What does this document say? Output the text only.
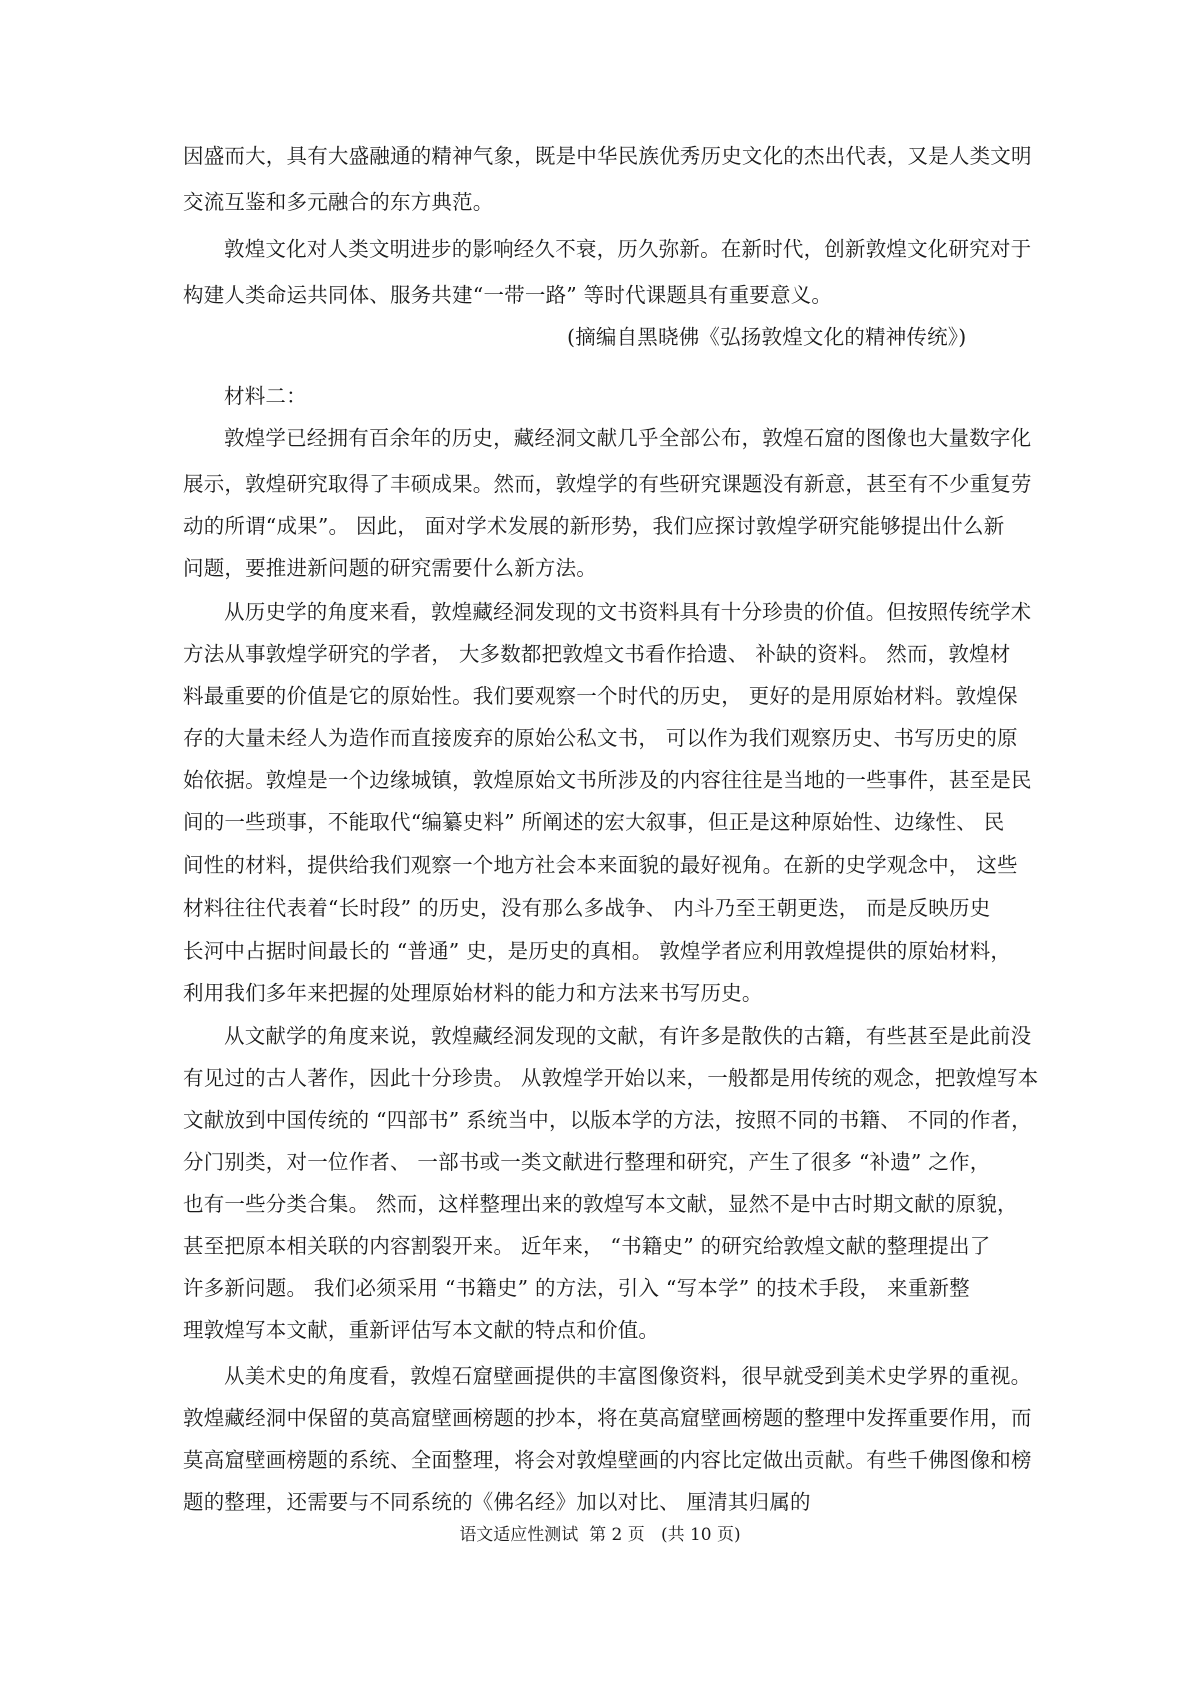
因盛而大，具有大盛融通的精神气象，既是中华民族优秀历史文化的杰出代表，又是人类文明
交流互鉴和多元融合的东方典范。
敦煌文化对人类文明进步的影响经久不衰，历久弥新。在新时代，创新敦煌文化研究对于
构建人类命运共同体、服务共建“一带一路” 等时代课题具有重要意义。
(摘编自黑晓佛《弘扬敦煌文化的精神传统》)
材料二：
敦煌学已经拥有百余年的历史，藏经洞文献几乎全部公布，敦煌石窟的图像也大量数字化
展示，敦煌研究取得了丰硕成果。然而，敦煌学的有些研究课题没有新意，甚至有不少重复劳
动的所谓“成果”。 因此， 面对学术发展的新形势，我们应探讨敦煌学研究能够提出什么新
问题，要推进新问题的研究需要什么新方法。
从历史学的角度来看，敦煌藏经洞发现的文书资料具有十分珍贵的价值。但按照传统学术
方法从事敦煌学研究的学者， 大多数都把敦煌文书看作拾遗、 补缺的资料。 然而，敦煌材
料最重要的价值是它的原始性。我们要观察一个时代的历史， 更好的是用原始材料。敦煌保
存的大量未经人为造作而直接废弃的原始公私文书， 可以作为我们观察历史、书写历史的原
始依据。敦煌是一个边缘城镇，敦煌原始文书所涉及的内容往往是当地的一些事件，甚至是民
间的一些琐事，不能取代“编纂史料” 所阐述的宏大叙事，但正是这种原始性、边缘性、 民
间性的材料，提供给我们观察一个地方社会本来面貌的最好视角。在新的史学观念中， 这些
材料往往代表着“长时段” 的历史，没有那么多战争、 内斗乃至王朝更迭， 而是反映历史
长河中占据时间最长的 “普通” 史，是历史的真相。 敦煌学者应利用敦煌提供的原始材料，
利用我们多年来把握的处理原始材料的能力和方法来书写历史。
从文献学的角度来说，敦煌藏经洞发现的文献，有许多是散佚的古籍，有些甚至是此前没
有见过的古人著作，因此十分珍贵。 从敦煌学开始以来，一般都是用传统的观念，把敦煌写本
文献放到中国传统的 “四部书” 系统当中，以版本学的方法，按照不同的书籍、 不同的作者，
分门别类，对一位作者、 一部书或一类文献进行整理和研究，产生了很多 “补遗” 之作，
也有一些分类合集。 然而，这样整理出来的敦煌写本文献，显然不是中古时期文献的原貌，
甚至把原本相关联的内容割裂开来。 近年来， “书籍史” 的研究给敦煌文献的整理提出了
许多新问题。 我们必须采用 “书籍史” 的方法，引入 “写本学” 的技术手段， 来重新整
理敦煌写本文献，重新评估写本文献的特点和价值。
从美术史的角度看，敦煌石窟壁画提供的丰富图像资料，很早就受到美术史学界的重视。
敦煌藏经洞中保留的莫高窟壁画榜题的抄本，将在莫高窟壁画榜题的整理中发挥重要作用，而
莫高窟壁画榜题的系统、全面整理，将会对敦煌壁画的内容比定做出贡献。有些千佛图像和榜
题的整理，还需要与不同系统的《佛名经》加以对比、 厘清其归属的
语文适应性测试  第 2 页   (共 10 页)
